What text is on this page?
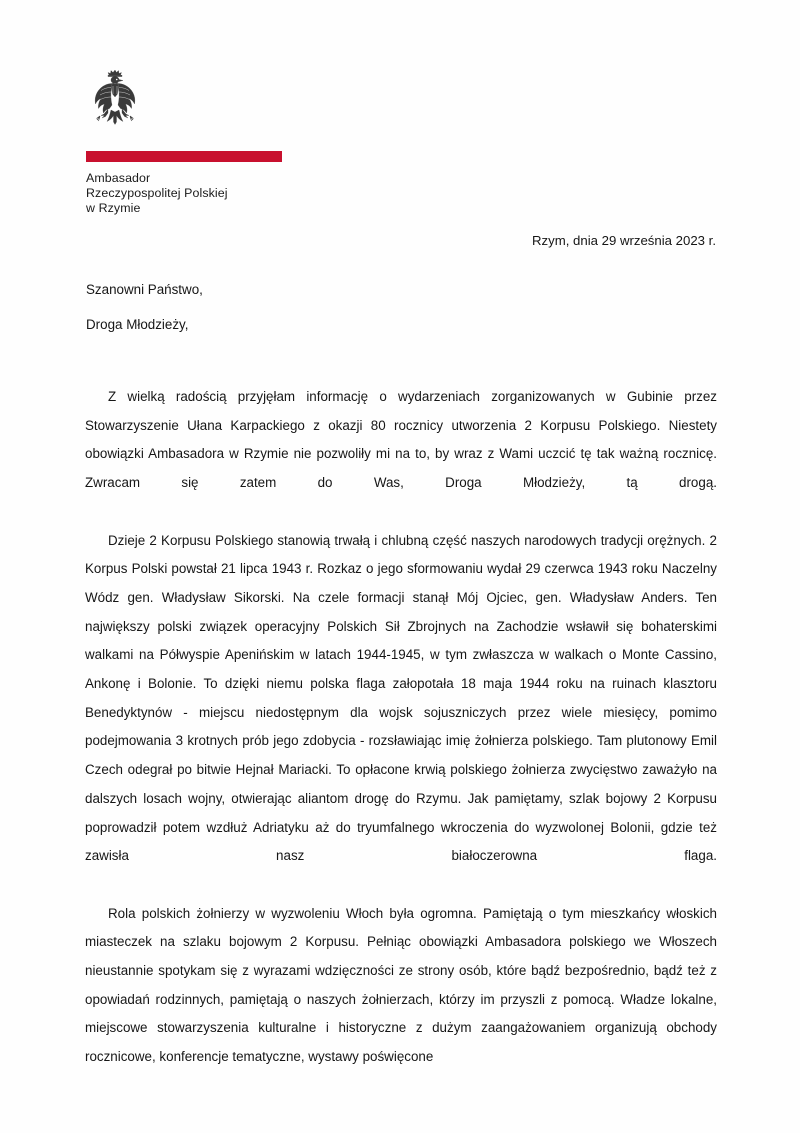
Ambasador
Rzeczypospolitej Polskiej
w Rzymie
Rzym, dnia 29 września 2023 r.
Szanowni Państwo,
Droga Młodzieży,

Z wielką radością przyjęłam informację o wydarzeniach zorganizowanych w Gubinie przez Stowarzyszenie Ułana Karpackiego z okazji 80 rocznicy utworzenia 2 Korpusu Polskiego. Niestety obowiązki Ambasadora w Rzymie nie pozwoliły mi na to, by wraz z Wami uczcić tę tak ważną rocznicę. Zwracam się zatem do Was, Droga Młodzieży, tą drogą.

Dzieje 2 Korpusu Polskiego stanowią trwałą i chlubną część naszych narodowych tradycji orężnych. 2 Korpus Polski powstał 21 lipca 1943 r. Rozkaz o jego sformowaniu wydał 29 czerwca 1943 roku Naczelny Wódz gen. Władysław Sikorski. Na czele formacji stanął Mój Ojciec, gen. Władysław Anders. Ten największy polski związek operacyjny Polskich Sił Zbrojnych na Zachodzie wsławił się bohaterskimi walkami na Półwyspie Apenińskim w latach 1944-1945, w tym zwłaszcza w walkach o Monte Cassino, Ankonę i Bolonie. To dzięki niemu polska flaga załopotała 18 maja 1944 roku na ruinach klasztoru Benedyktynów - miejscu niedostępnym dla wojsk sojuszniczych przez wiele miesięcy, pomimo podejmowania 3 krotnych prób jego zdobycia - rozsławiając imię żołnierza polskiego. Tam plutonowy Emil Czech odegrał po bitwie Hejnał Mariacki. To opłacone krwią polskiego żołnierza zwycięstwo zaważyło na dalszych losach wojny, otwierając aliantom drogę do Rzymu. Jak pamiętamy, szlak bojowy 2 Korpusu poprowadził potem wzdłuż Adriatyku aż do tryumfalnego wkroczenia do wyzwolonej Bolonii, gdzie też zawisła nasz białoczerowna flaga.

Rola polskich żołnierzy w wyzwoleniu Włoch była ogromna. Pamiętają o tym mieszkańcy włoskich miasteczek na szlaku bojowym 2 Korpusu. Pełniąc obowiązki Ambasadora polskiego we Włoszech nieustannie spotykam się z wyrazami wdzięczności ze strony osób, które bądź bezpośrednio, bądź też z opowiadań rodzinnych, pamiętają o naszych żołnierzach, którzy im przyszli z pomocą. Władze lokalne, miejscowe stowarzyszenia kulturalne i historyczne z dużym zaangażowaniem organizują obchody rocznicowe, konferencje tematyczne, wystawy poświęcone
